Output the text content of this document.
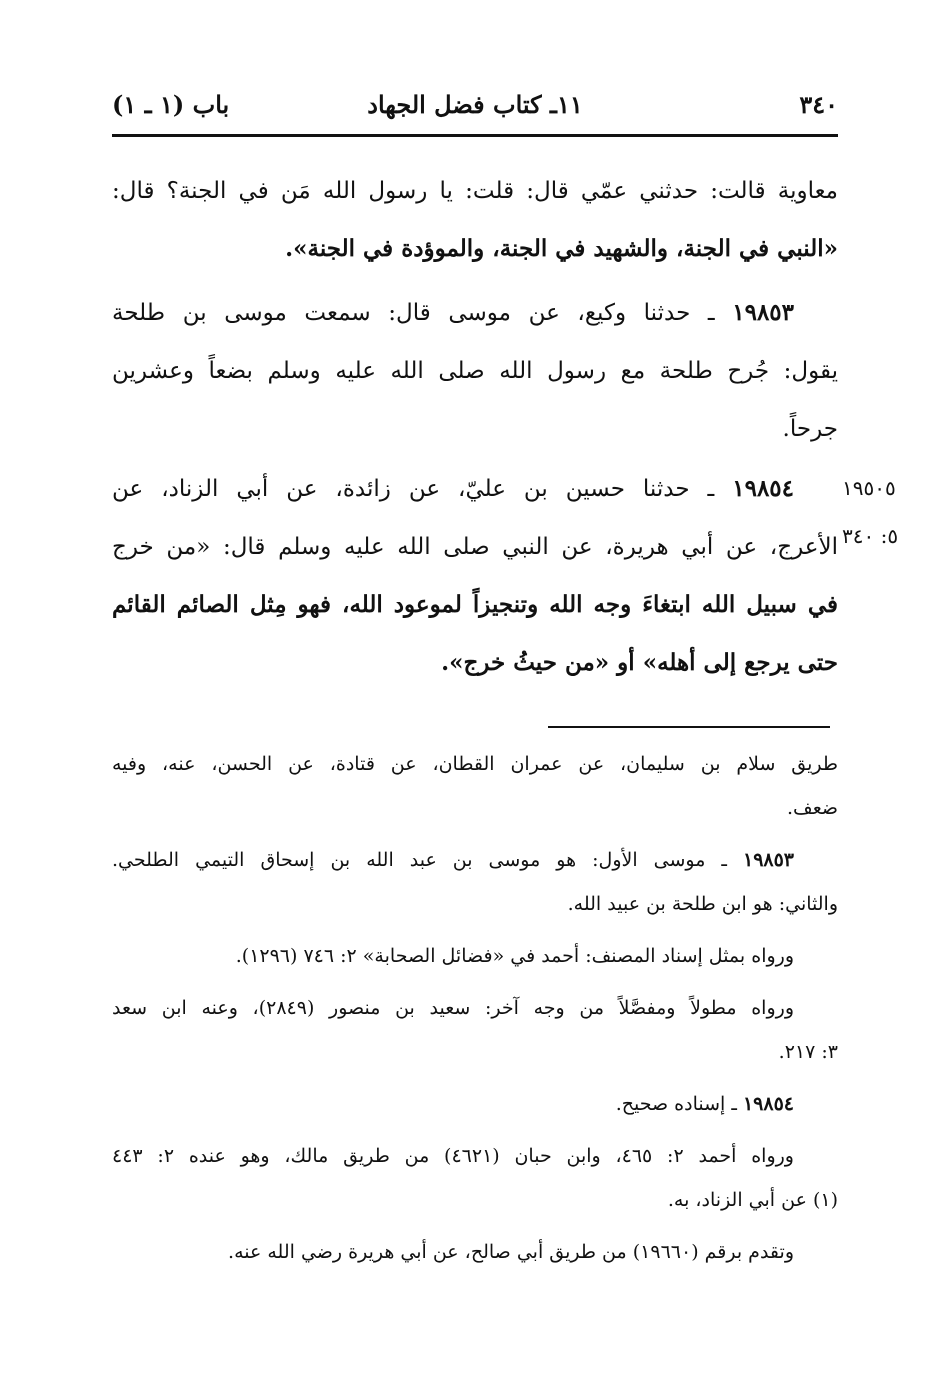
٣٤٠
١١ـ كتاب فضل الجهاد
باب (١ ـ ١)

معاوية قالت: حدثني عمّي قال: قلت: يا رسول الله مَن في الجنة؟ قال:
«النبي في الجنة، والشهيد في الجنة، والموؤدة في الجنة».

١٩٨٥٣ ـ حدثنا وكيع، عن موسى قال: سمعت موسى بن طلحة
يقول: جُرح طلحة مع رسول الله صلى الله عليه وسلم بضعاً وعشرين
جرحاً.

١٩٨٥٤ ـ حدثنا حسين بن عليّ، عن زائدة، عن أبي الزناد، عن
الأعرج، عن أبي هريرة، عن النبي صلى الله عليه وسلم قال: «من خرج
في سبيل الله ابتغاءَ وجه الله وتنجيزاً لموعود الله، فهو مِثل الصائم القائم
حتى يرجع إلى أهله» أو «من حيثُ خرج».

١٩٥٠٥
٥: ٣٤٠
طريق سلام بن سليمان، عن عمران القطان، عن قتادة، عن الحسن، عنه، وفيه
ضعف.
١٩٨٥٣ ـ موسى الأول: هو موسى بن عبد الله بن إسحاق التيمي الطلحي.
والثاني: هو ابن طلحة بن عبيد الله.
ورواه بمثل إسناد المصنف: أحمد في «فضائل الصحابة» ٢: ٧٤٦ (١٢٩٦).
ورواه مطولاً ومفصَّلاً من وجه آخر: سعيد بن منصور (٢٨٤٩)، وعنه ابن سعد
٣: ٢١٧.
١٩٨٥٤ ـ إسناده صحيح.
ورواه أحمد ٢: ٤٦٥، وابن حبان (٤٦٢١) من طريق مالك، وهو عنده ٢: ٤٤٣
(١) عن أبي الزناد، به.
وتقدم برقم (١٩٦٦٠) من طريق أبي صالح، عن أبي هريرة رضي الله عنه.
